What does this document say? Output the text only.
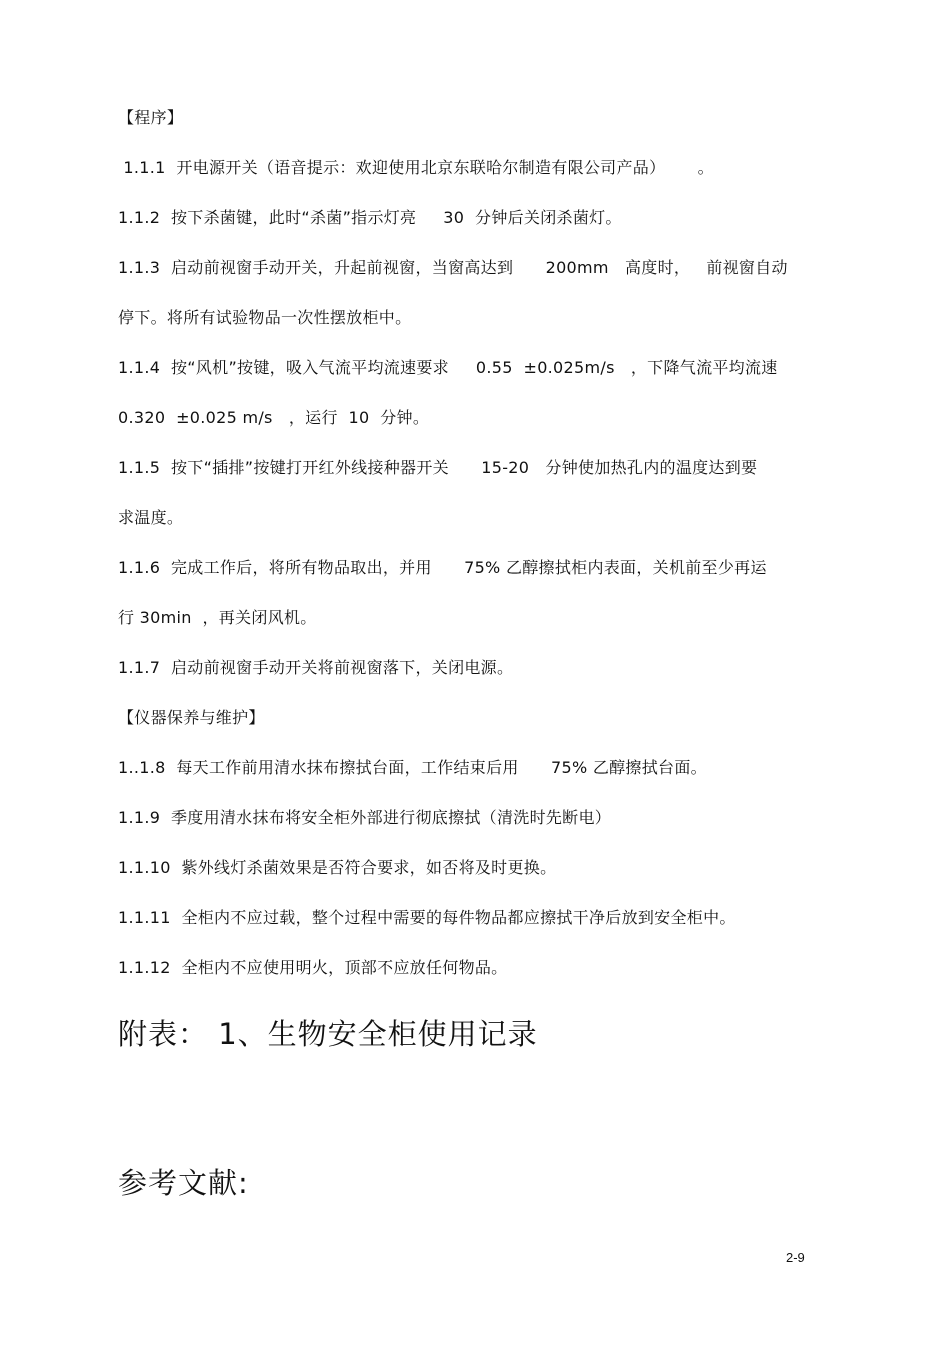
【程序】
1.1.1  开电源开关（语音提示：欢迎使用北京东联哈尔制造有限公司产品）      。
1.1.2  按下杀菌键，此时“杀菌”指示灯亮     30  分钟后关闭杀菌灯。
1.1.3  启动前视窗手动开关，升起前视窗，当窗高达到      200mm   高度时，   前视窗自动
停下。将所有试验物品一次性摆放柜中。
1.1.4  按“风机”按键，吸入气流平均流速要求     0.55  ±0.025m/s   ，下降气流平均流速
0.320  ±0.025 m/s   ，运行  10  分钟。
1.1.5  按下“插排”按键打开红外线接种器开关      15-20   分钟使加热孔内的温度达到要
求温度。
1.1.6  完成工作后，将所有物品取出，并用      75% 乙醇擦拭柜内表面，关机前至少再运
行 30min  ，再关闭风机。
1.1.7  启动前视窗手动开关将前视窗落下，关闭电源。
【仪器保养与维护】
1..1.8  每天工作前用清水抹布擦拭台面，工作结束后用      75% 乙醇擦拭台面。
1.1.9  季度用清水抹布将安全柜外部进行彻底擦拭（清洗时先断电）
1.1.10  紫外线灯杀菌效果是否符合要求，如否将及时更换。
1.1.11  全柜内不应过载，整个过程中需要的每件物品都应擦拭干净后放到安全柜中。
1.1.12  全柜内不应使用明火，顶部不应放任何物品。
附表： 1、生物安全柜使用记录
参考文献:
2-9
